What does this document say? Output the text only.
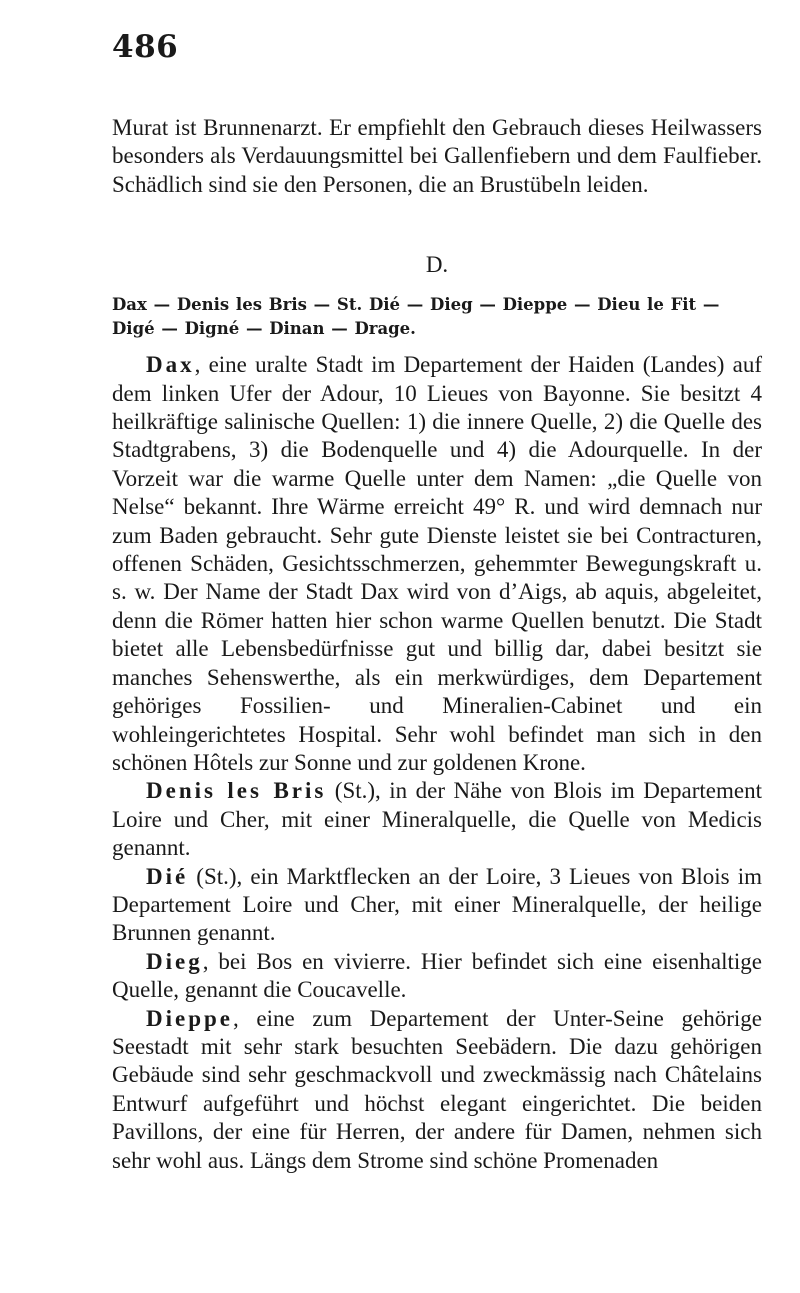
486

Murat ist Brunnenarzt. Er empfiehlt den Gebrauch dieses Heilwassers besonders als Verdauungsmittel bei Gallenfiebern und dem Faulfieber. Schädlich sind sie den Personen, die an Brustübeln leiden.

D.
Dax — Denis les Bris — St. Dié — Dieg — Dieppe — Dieu le Fit — Digé — Digné — Dinan — Drage.

Dax, eine uralte Stadt im Departement der Haiden (Landes) auf dem linken Ufer der Adour, 10 Lieues von Bayonne. Sie besitzt 4 heilkräftige salinische Quellen: 1) die innere Quelle, 2) die Quelle des Stadtgrabens, 3) die Bodenquelle und 4) die Adourquelle. In der Vorzeit war die warme Quelle unter dem Namen: „die Quelle von Nelse“ bekannt. Ihre Wärme erreicht 49° R. und wird demnach nur zum Baden gebraucht. Sehr gute Dienste leistet sie bei Contracturen, offenen Schäden, Gesichtsschmerzen, gehemmter Bewegungskraft u. s. w. Der Name der Stadt Dax wird von d’Aigs, ab aquis, abgeleitet, denn die Römer hatten hier schon warme Quellen benutzt. Die Stadt bietet alle Lebensbedürfnisse gut und billig dar, dabei besitzt sie manches Sehenswerthe, als ein merkwürdiges, dem Departement gehöriges Fossilien- und Mineralien-Cabinet und ein wohleingerichtetes Hospital. Sehr wohl befindet man sich in den schönen Hôtels zur Sonne und zur goldenen Krone.

Denis les Bris (St.), in der Nähe von Blois im Departement Loire und Cher, mit einer Mineralquelle, die Quelle von Medicis genannt.

Dié (St.), ein Marktflecken an der Loire, 3 Lieues von Blois im Departement Loire und Cher, mit einer Mineralquelle, der heilige Brunnen genannt.

Dieg, bei Bos en vivierre. Hier befindet sich eine eisenhaltige Quelle, genannt die Coucavelle.

Dieppe, eine zum Departement der Unter-Seine gehörige Seestadt mit sehr stark besuchten Seebädern. Die dazu gehörigen Gebäude sind sehr geschmackvoll und zweckmässig nach Châtelains Entwurf aufgeführt und höchst elegant eingerichtet. Die beiden Pavillons, der eine für Herren, der andere für Damen, nehmen sich sehr wohl aus. Längs dem Strome sind schöne Promenaden
